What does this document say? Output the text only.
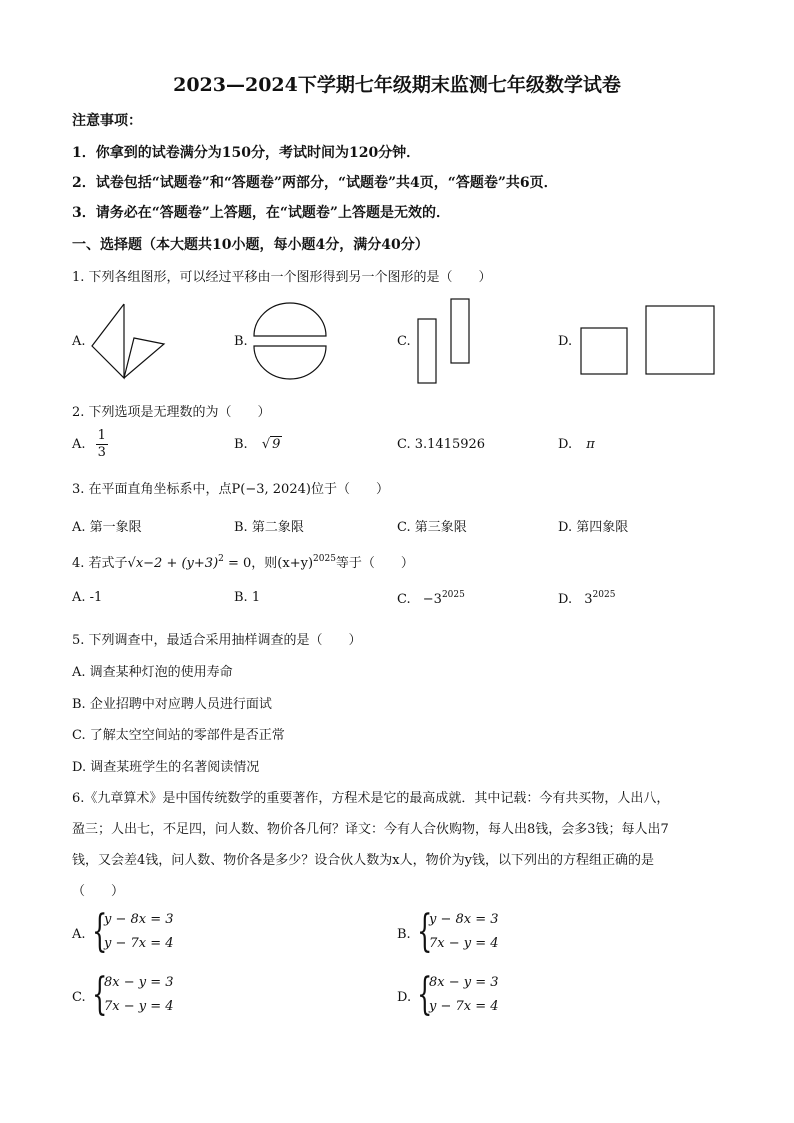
2023—2024下学期七年级期末监测七年级数学试卷
注意事项：
1．你拿到的试卷满分为150分，考试时间为120分钟．
2．试卷包括“试题卷”和“答题卷”两部分，“试题卷”共4页，“答题卷”共6页．
3．请务必在“答题卷”上答题，在“试题卷”上答题是无效的．
一、选择题（本大题共10小题，每小题4分，满分40分）
1. 下列各组图形，可以经过平移由一个图形得到另一个图形的是（　　）
A.	B.	C.	D.
2. 下列选项是无理数的为（　　）
A. $\frac{1}{3}$	B. √ 9	C. 3.1415926	D. π
3. 在平面直角坐标系中，点P(−3, 2024)位于（　　）
A. 第一象限	B. 第二象限	C. 第三象限	D. 第四象限
4. 若式子$√x-2 + (y+3)^2 = 0$，则$(x+y)^{2025}$等于（　　）
A. -1	B. 1	C. $-3^{2025}$	D. $3^{2025}$
5. 下列调查中，最适合采用抽样调查的是（　　）
A. 调查某种灯泡的使用寿命
B. 企业招聘中对应聘人员进行面试
C. 了解太空空间站的零部件是否正常
D. 调查某班学生的名著阅读情况
6.《九章算术》是中国传统数学的重要著作，方程术是它的最高成就．其中记载：今有共买物，人出八，
盈三；人出七，不足四，问人数、物价各几何？译文：今有人合伙购物，每人出8钱，会多3钱；每人出7
钱，又会差4钱，问人数、物价各是多少？设合伙人数为x人，物价为y钱，以下列出的方程组正确的是
（　　）
A. {
y − 8x = 3
y − 7x = 4
B. {
y − 8x = 3
7x − y = 4
C. {
8x − y = 3
7x − y = 4
D. {
8x − y = 3
y − 7x = 4
